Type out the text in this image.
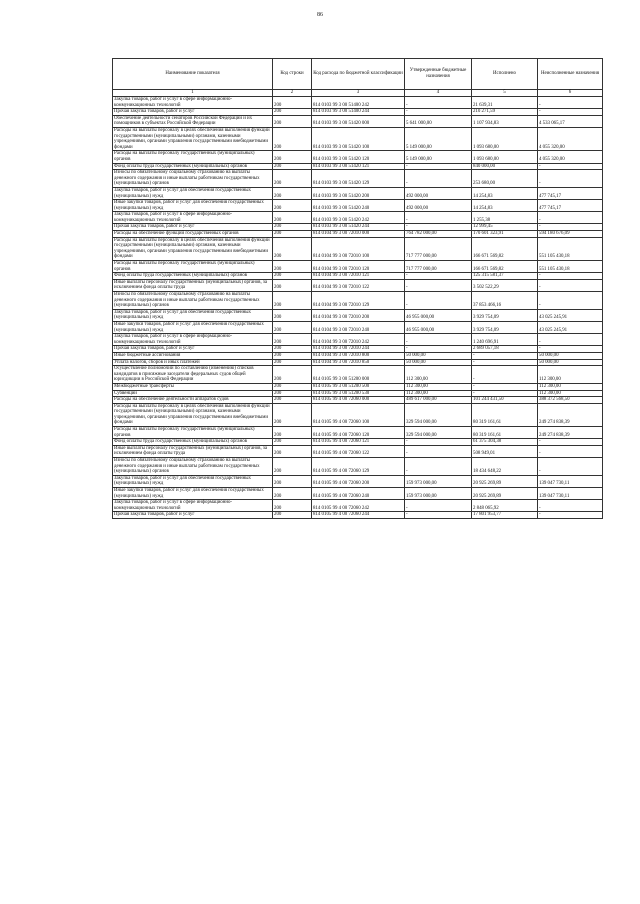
86
Наименование показателя	Код строки	Код расхода по бюджетной классификации	Утвержденные бюджетные назначения	Исполнено	Неисполненные назначения
1	2	3	4	5	6
Закупка товаров, работ и услуг в сфере информационно-коммуникационных технологий	200	814 0103 99 3 00 51400 242	-	21 639,31	-
Прочая закупка товаров, работ и услуг	200	814 0103 99 3 00 51400 244	-	210 271,59	-
Обеспечение деятельности сенаторов Российской Федерации и их помощников в субъектах Российской Федерации	200	814 0103 99 3 00 51420 000	5 641 000,00	1 107 934,83	4 533 065,17
Расходы на выплаты персоналу в целях обеспечения выполнения функций государственными (муниципальными) органами, казенными учреждениями, органами управления государственными внебюджетными фондами	200	814 0103 99 3 00 51420 100	5 149 000,00	1 093 680,00	4 055 320,00
Расходы на выплаты персоналу государственных (муниципальных) органов	200	814 0103 99 3 00 51420 120	5 149 000,00	1 093 680,00	4 055 320,00
Фонд оплаты труда государственных (муниципальных) органов	200	814 0103 99 3 00 51420 121	-	840 000,00	-
Взносы по обязательному социальному страхованию на выплаты денежного содержания и иные выплаты работникам государственных (муниципальных) органов	200	814 0103 99 3 00 51420 129	-	253 680,00	-
Закупка товаров, работ и услуг для обеспечения государственных (муниципальных) нужд	200	814 0103 99 3 00 51420 200	492 000,00	14 254,83	477 745,17
Иные закупки товаров, работ и услуг для обеспечения государственных (муниципальных) нужд	200	814 0103 99 3 00 51420 240	492 000,00	14 254,83	477 745,17
Закупка товаров, работ и услуг в сфере информационно-коммуникационных технологий	200	814 0103 99 3 00 51420 242	-	1 255,38	-
Прочая закупка товаров, работ и услуг	200	814 0103 99 3 00 51420 244	-	12 999,45	-
Расходы на обеспечение функций государственных органов	200	814 0104 99 3 00 72010 000	764 782 000,00	170 601 323,91	594 180 676,09
Расходы на выплаты персоналу в целях обеспечения выполнения функций государственными (муниципальными) органами, казенными учреждениями, органами управления государственными внебюджетными фондами	200	814 0104 99 3 00 72010 100	717 777 000,00	166 671 569,82	551 105 430,18
Расходы на выплаты персоналу государственных (муниципальных) органов	200	814 0104 99 3 00 72010 120	717 777 000,00	166 671 569,82	551 105 430,18
Фонд оплаты труда государственных (муниципальных) органов	200	814 0104 99 3 00 72010 121	-	125 315 581,37	-
Иные выплаты персоналу государственных (муниципальных) органов, за исключением фонда оплаты труда	200	814 0104 99 3 00 72010 122	-	3 502 522,29	-
Взносы по обязательному социальному страхованию на выплаты денежного содержания и иные выплаты работникам государственных (муниципальных) органов	200	814 0104 99 3 00 72010 129	-	37 853 466,16	-
Закупка товаров, работ и услуг для обеспечения государственных (муниципальных) нужд	200	814 0104 99 3 00 72010 200	46 955 000,00	3 929 754,09	43 025 245,91
Иные закупки товаров, работ и услуг для обеспечения государственных (муниципальных) нужд	200	814 0104 99 3 00 72010 240	46 955 000,00	3 929 754,09	43 025 245,91
Закупка товаров, работ и услуг в сфере информационно-коммуникационных технологий	200	814 0104 99 3 00 72010 242	-	1 240 696,91	-
Прочая закупка товаров, работ и услуг	200	814 0104 99 3 00 72010 244	-	2 689 057,18	-
Иные бюджетные ассигнования	200	814 0104 99 3 00 72010 800	50 000,00	-	50 000,00
Уплата налогов, сборов и иных платежей	200	814 0104 99 3 00 72010 850	50 000,00	-	50 000,00
Осуществление полномочий по составлению (изменению) списков кандидатов в присяжные заседатели федеральных судов общей юрисдикции в Российской Федерации	200	814 0105 99 3 00 51200 000	112 300,00	-	112 300,00
Межбюджетные трансферты	200	814 0105 99 3 00 51200 500	112 300,00	-	112 300,00
Субвенции	200	814 0105 99 3 00 51200 530	112 300,00	-	112 300,00
Расходы на обеспечение деятельности аппаратов судов	200	814 0105 99 4 00 72060 000	489 617 000,00	101 244 431,50	388 372 568,50
Расходы на выплаты персоналу в целях обеспечения выполнения функций государственными (муниципальными) органами, казенными учреждениями, органами управления государственными внебюджетными фондами	200	814 0105 99 4 00 72060 100	329 594 000,00	80 319 161,61	249 274 838,39
Расходы на выплаты персоналу государственных (муниципальных) органов	200	814 0105 99 4 00 72060 120	329 594 000,00	80 319 161,61	249 274 838,39
Фонд оплаты труда государственных (муниципальных) органов	200	814 0105 99 4 00 72060 121	-	61 375 304,38	-
Иные выплаты персоналу государственных (муниципальных) органов, за исключением фонда оплаты труда	200	814 0105 99 4 00 72060 122	-	508 949,01	-
Взносы по обязательному социальному страхованию на выплаты денежного содержания и иные выплаты работникам государственных (муниципальных) органов	200	814 0105 99 4 00 72060 129	-	18 434 648,22	-
Закупка товаров, работ и услуг для обеспечения государственных (муниципальных) нужд	200	814 0105 99 4 00 72060 200	159 973 000,00	20 925 269,89	139 047 730,11
Иные закупки товаров, работ и услуг для обеспечения государственных (муниципальных) нужд	200	814 0105 99 4 00 72060 240	159 973 000,00	20 925 269,89	139 047 730,11
Закупка товаров, работ и услуг в сфере информационно-коммуникационных технологий	200	814 0105 99 4 00 72060 242	-	2 848 065,92	-
Прочая закупка товаров, работ и услуг	200	814 0105 99 4 00 72060 244	-	17 801 953,77	-
